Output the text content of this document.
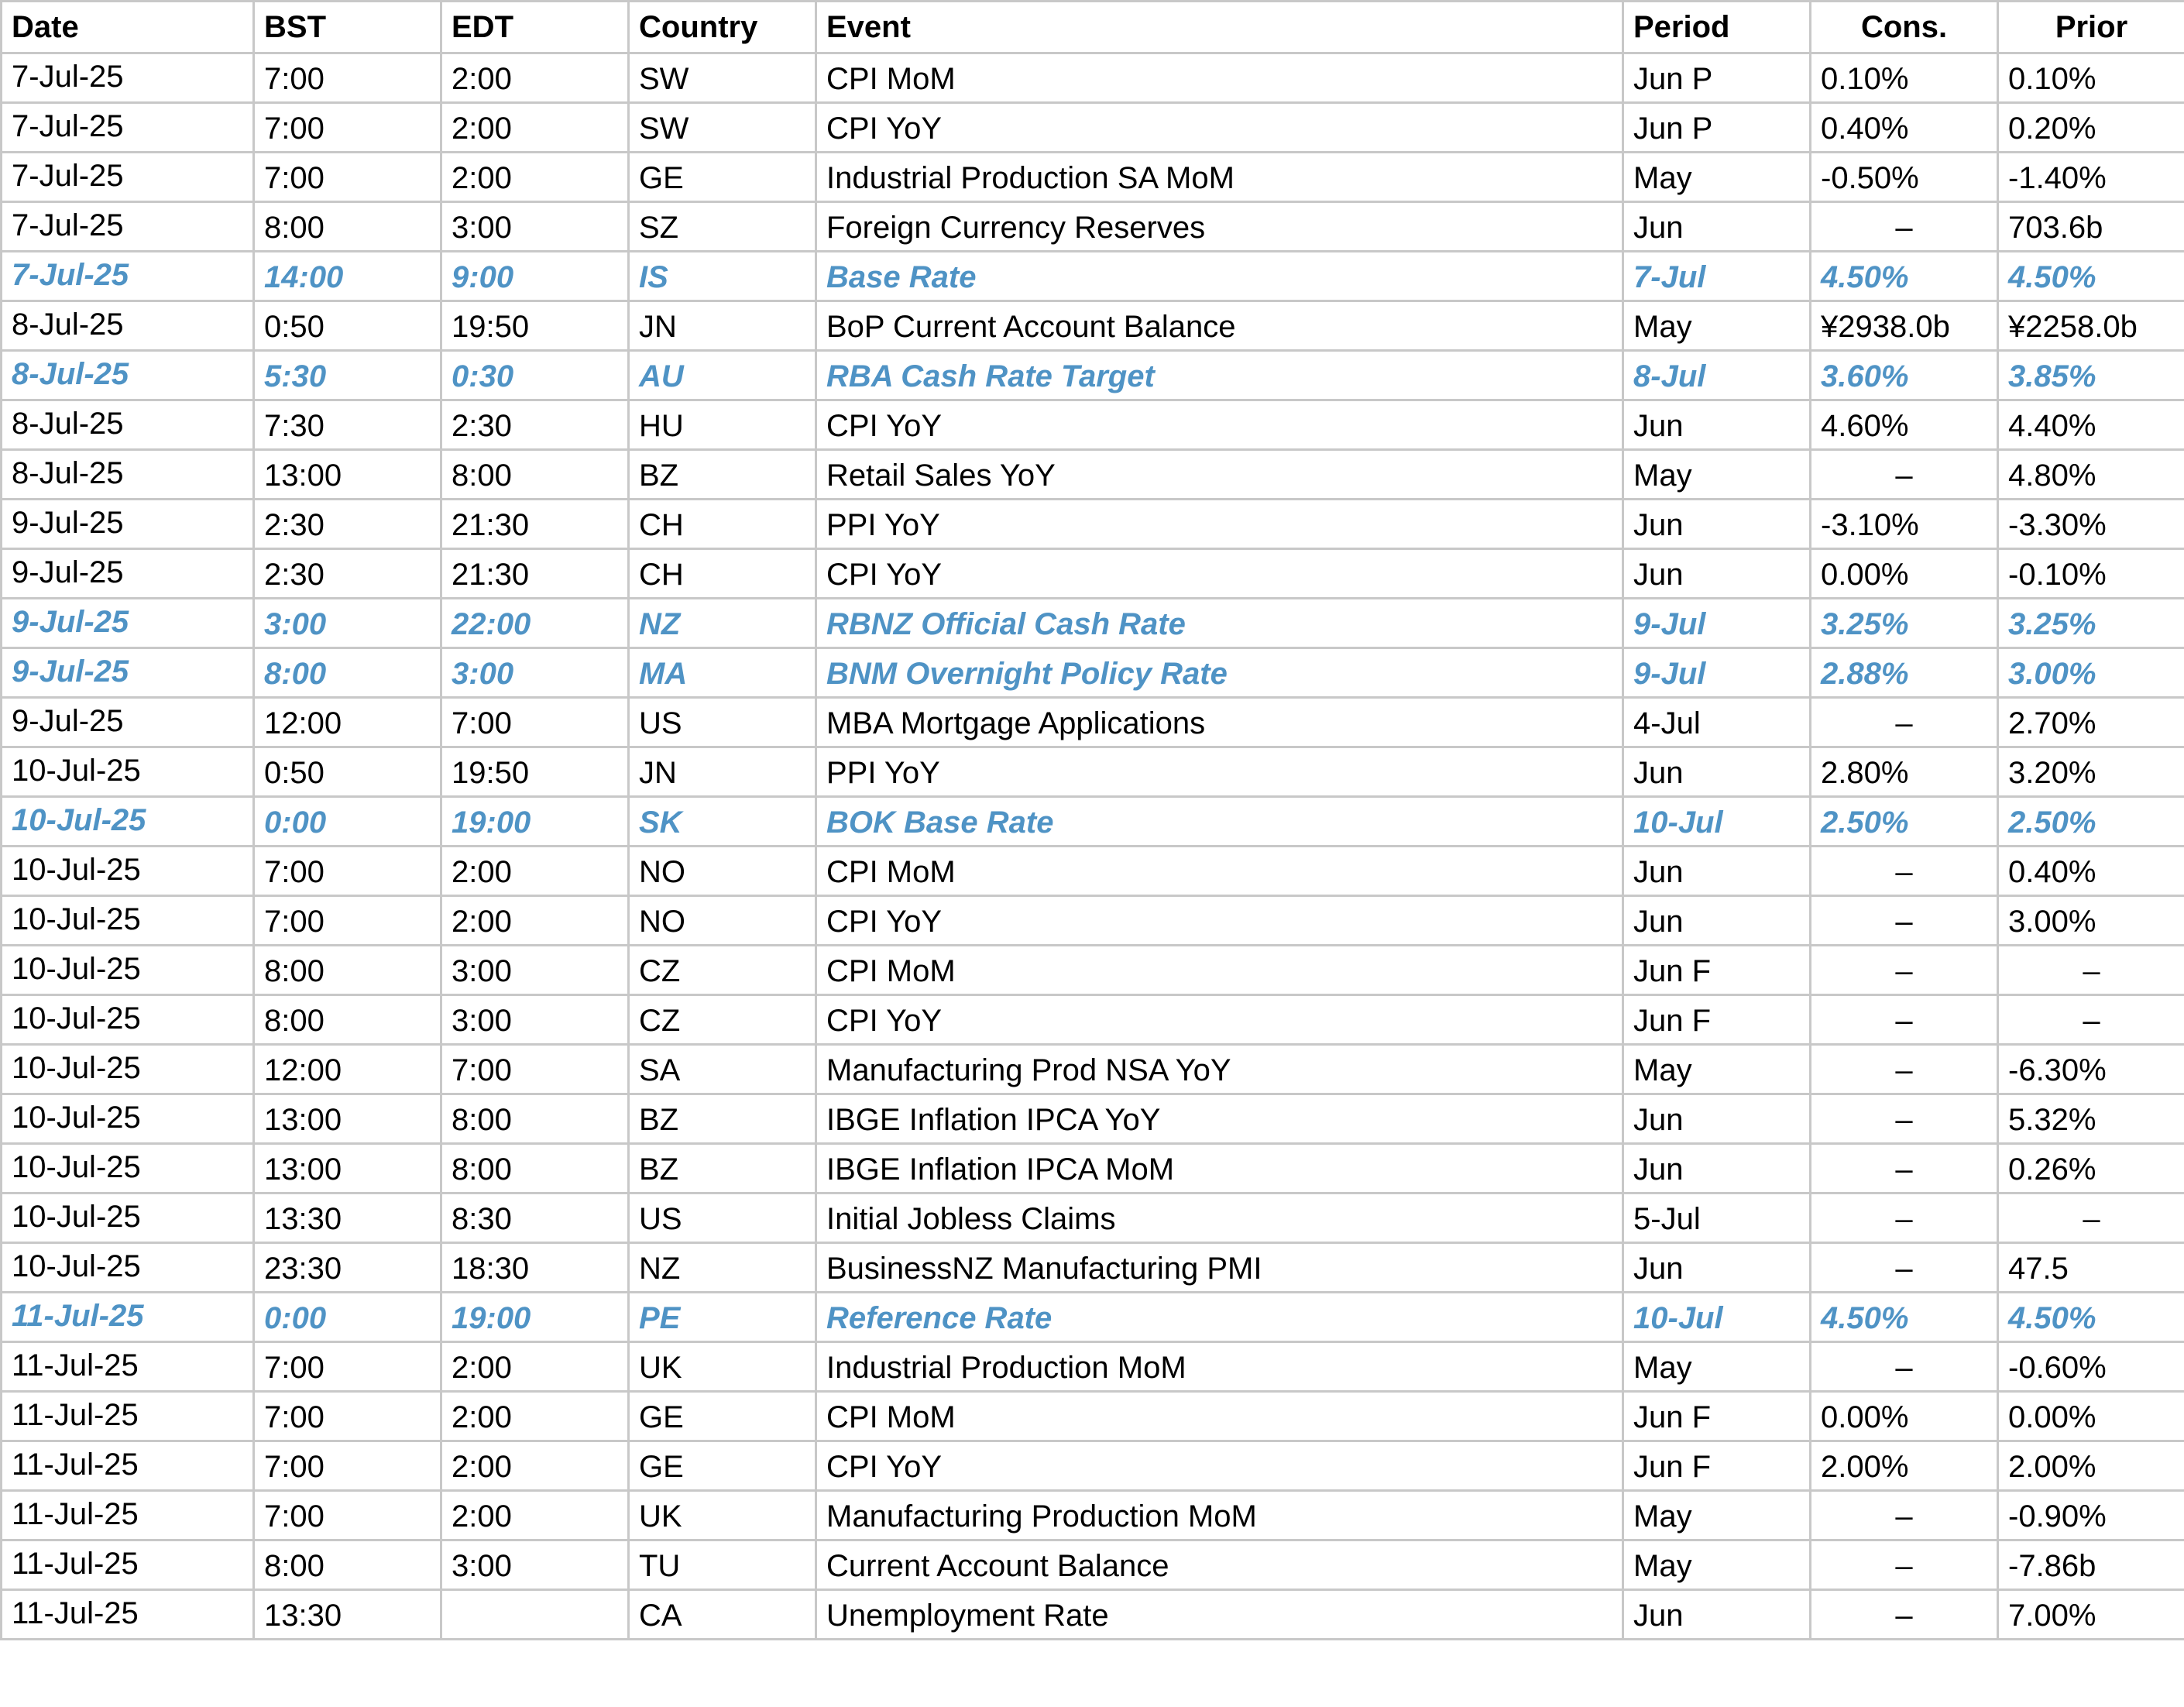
Date	BST	EDT	Country	Event	Period	Cons.	Prior
7-Jul-25	7:00	2:00	SW	CPI MoM	Jun P	0.10%	0.10%
7-Jul-25	7:00	2:00	SW	CPI YoY	Jun P	0.40%	0.20%
7-Jul-25	7:00	2:00	GE	Industrial Production SA MoM	May	-0.50%	-1.40%
7-Jul-25	8:00	3:00	SZ	Foreign Currency Reserves	Jun	–	703.6b
7-Jul-25	14:00	9:00	IS	Base Rate	7-Jul	4.50%	4.50%
8-Jul-25	0:50	19:50	JN	BoP Current Account Balance	May	¥2938.0b	¥2258.0b
8-Jul-25	5:30	0:30	AU	RBA Cash Rate Target	8-Jul	3.60%	3.85%
8-Jul-25	7:30	2:30	HU	CPI YoY	Jun	4.60%	4.40%
8-Jul-25	13:00	8:00	BZ	Retail Sales YoY	May	–	4.80%
9-Jul-25	2:30	21:30	CH	PPI YoY	Jun	-3.10%	-3.30%
9-Jul-25	2:30	21:30	CH	CPI YoY	Jun	0.00%	-0.10%
9-Jul-25	3:00	22:00	NZ	RBNZ Official Cash Rate	9-Jul	3.25%	3.25%
9-Jul-25	8:00	3:00	MA	BNM Overnight Policy Rate	9-Jul	2.88%	3.00%
9-Jul-25	12:00	7:00	US	MBA Mortgage Applications	4-Jul	–	2.70%
10-Jul-25	0:50	19:50	JN	PPI YoY	Jun	2.80%	3.20%
10-Jul-25	0:00	19:00	SK	BOK Base Rate	10-Jul	2.50%	2.50%
10-Jul-25	7:00	2:00	NO	CPI MoM	Jun	–	0.40%
10-Jul-25	7:00	2:00	NO	CPI YoY	Jun	–	3.00%
10-Jul-25	8:00	3:00	CZ	CPI MoM	Jun F	–	–
10-Jul-25	8:00	3:00	CZ	CPI YoY	Jun F	–	–
10-Jul-25	12:00	7:00	SA	Manufacturing Prod NSA YoY	May	–	-6.30%
10-Jul-25	13:00	8:00	BZ	IBGE Inflation IPCA YoY	Jun	–	5.32%
10-Jul-25	13:00	8:00	BZ	IBGE Inflation IPCA MoM	Jun	–	0.26%
10-Jul-25	13:30	8:30	US	Initial Jobless Claims	5-Jul	–	–
10-Jul-25	23:30	18:30	NZ	BusinessNZ Manufacturing PMI	Jun	–	47.5
11-Jul-25	0:00	19:00	PE	Reference Rate	10-Jul	4.50%	4.50%
11-Jul-25	7:00	2:00	UK	Industrial Production MoM	May	–	-0.60%
11-Jul-25	7:00	2:00	GE	CPI MoM	Jun F	0.00%	0.00%
11-Jul-25	7:00	2:00	GE	CPI YoY	Jun F	2.00%	2.00%
11-Jul-25	7:00	2:00	UK	Manufacturing Production MoM	May	–	-0.90%
11-Jul-25	8:00	3:00	TU	Current Account Balance	May	–	-7.86b
11-Jul-25	13:30		CA	Unemployment Rate	Jun	–	7.00%
